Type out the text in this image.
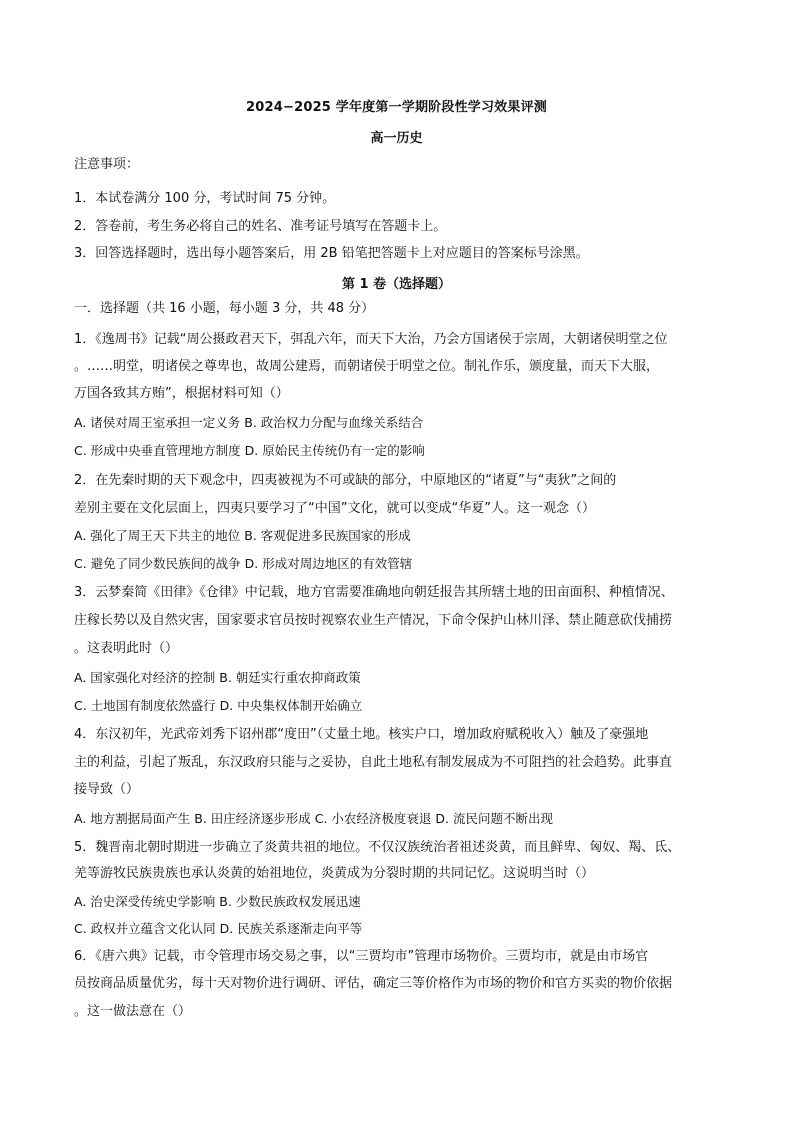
2024−2025 学年度第一学期阶段性学习效果评测
高一历史
注意事项：
1．本试卷满分 100 分，考试时间 75 分钟。
2．答卷前，考生务必将自己的姓名、准考证号填写在答题卡上。
3．回答选择题时，选出每小题答案后，用 2B 铅笔把答题卡上对应题目的答案标号涂黑。
第 1 卷（选择题）
一．选择题（共 16 小题，每小题 3 分，共 48 分）
1．《逸周书》记载“周公摄政君天下，弭乱六年，而天下大治，乃会方国诸侯于宗周，大朝诸侯明堂之位
。……明堂，明诸侯之尊卑也，故周公建焉，而朝诸侯于明堂之位。制礼作乐，颁度量，而天下大服，
万国各致其方贿”，根据材料可知（）
A. 诸侯对周王室承担一定义务 B. 政治权力分配与血缘关系结合
C. 形成中央垂直管理地方制度 D. 原始民主传统仍有一定的影响
2．在先秦时期的天下观念中，四夷被视为不可或缺的部分，中原地区的“诸夏”与“夷狄”之间的
差别主要在文化层面上，四夷只要学习了“中国”文化，就可以变成“华夏”人。这一观念（）
A. 强化了周王天下共主的地位 B. 客观促进多民族国家的形成
C. 避免了同少数民族间的战争 D. 形成对周边地区的有效管辖
3．云梦秦简《田律》《仓律》中记载，地方官需要准确地向朝廷报告其所辖土地的田亩面积、种植情况、
庄稼长势以及自然灾害，国家要求官员按时视察农业生产情况，下命令保护山林川泽、禁止随意砍伐捕捞
。这表明此时（）
A. 国家强化对经济的控制 B. 朝廷实行重农抑商政策
C. 土地国有制度依然盛行 D. 中央集权体制开始确立
4．东汉初年，光武帝刘秀下诏州郡“度田”（丈量土地。核实户口，增加政府赋税收入）触及了豪强地
主的利益，引起了叛乱，东汉政府只能与之妥协，自此土地私有制发展成为不可阻挡的社会趋势。此事直
接导致（）
A. 地方割据局面产生 B. 田庄经济逐步形成 C. 小农经济极度衰退 D. 流民问题不断出现
5．魏晋南北朝时期进一步确立了炎黄共祖的地位。不仅汉族统治者祖述炎黄，而且鲜卑、匈奴、羯、氐、
羌等游牧民族贵族也承认炎黄的始祖地位，炎黄成为分裂时期的共同记忆。这说明当时（）
A. 治史深受传统史学影响 B. 少数民族政权发展迅速
C. 政权并立蕴含文化认同 D. 民族关系逐渐走向平等
6．《唐六典》记载，市令管理市场交易之事，以“三贾均市”管理市场物价。三贾均市，就是由市场官
员按商品质量优劣，每十天对物价进行调研、评估，确定三等价格作为市场的物价和官方买卖的物价依据
。这一做法意在（）
